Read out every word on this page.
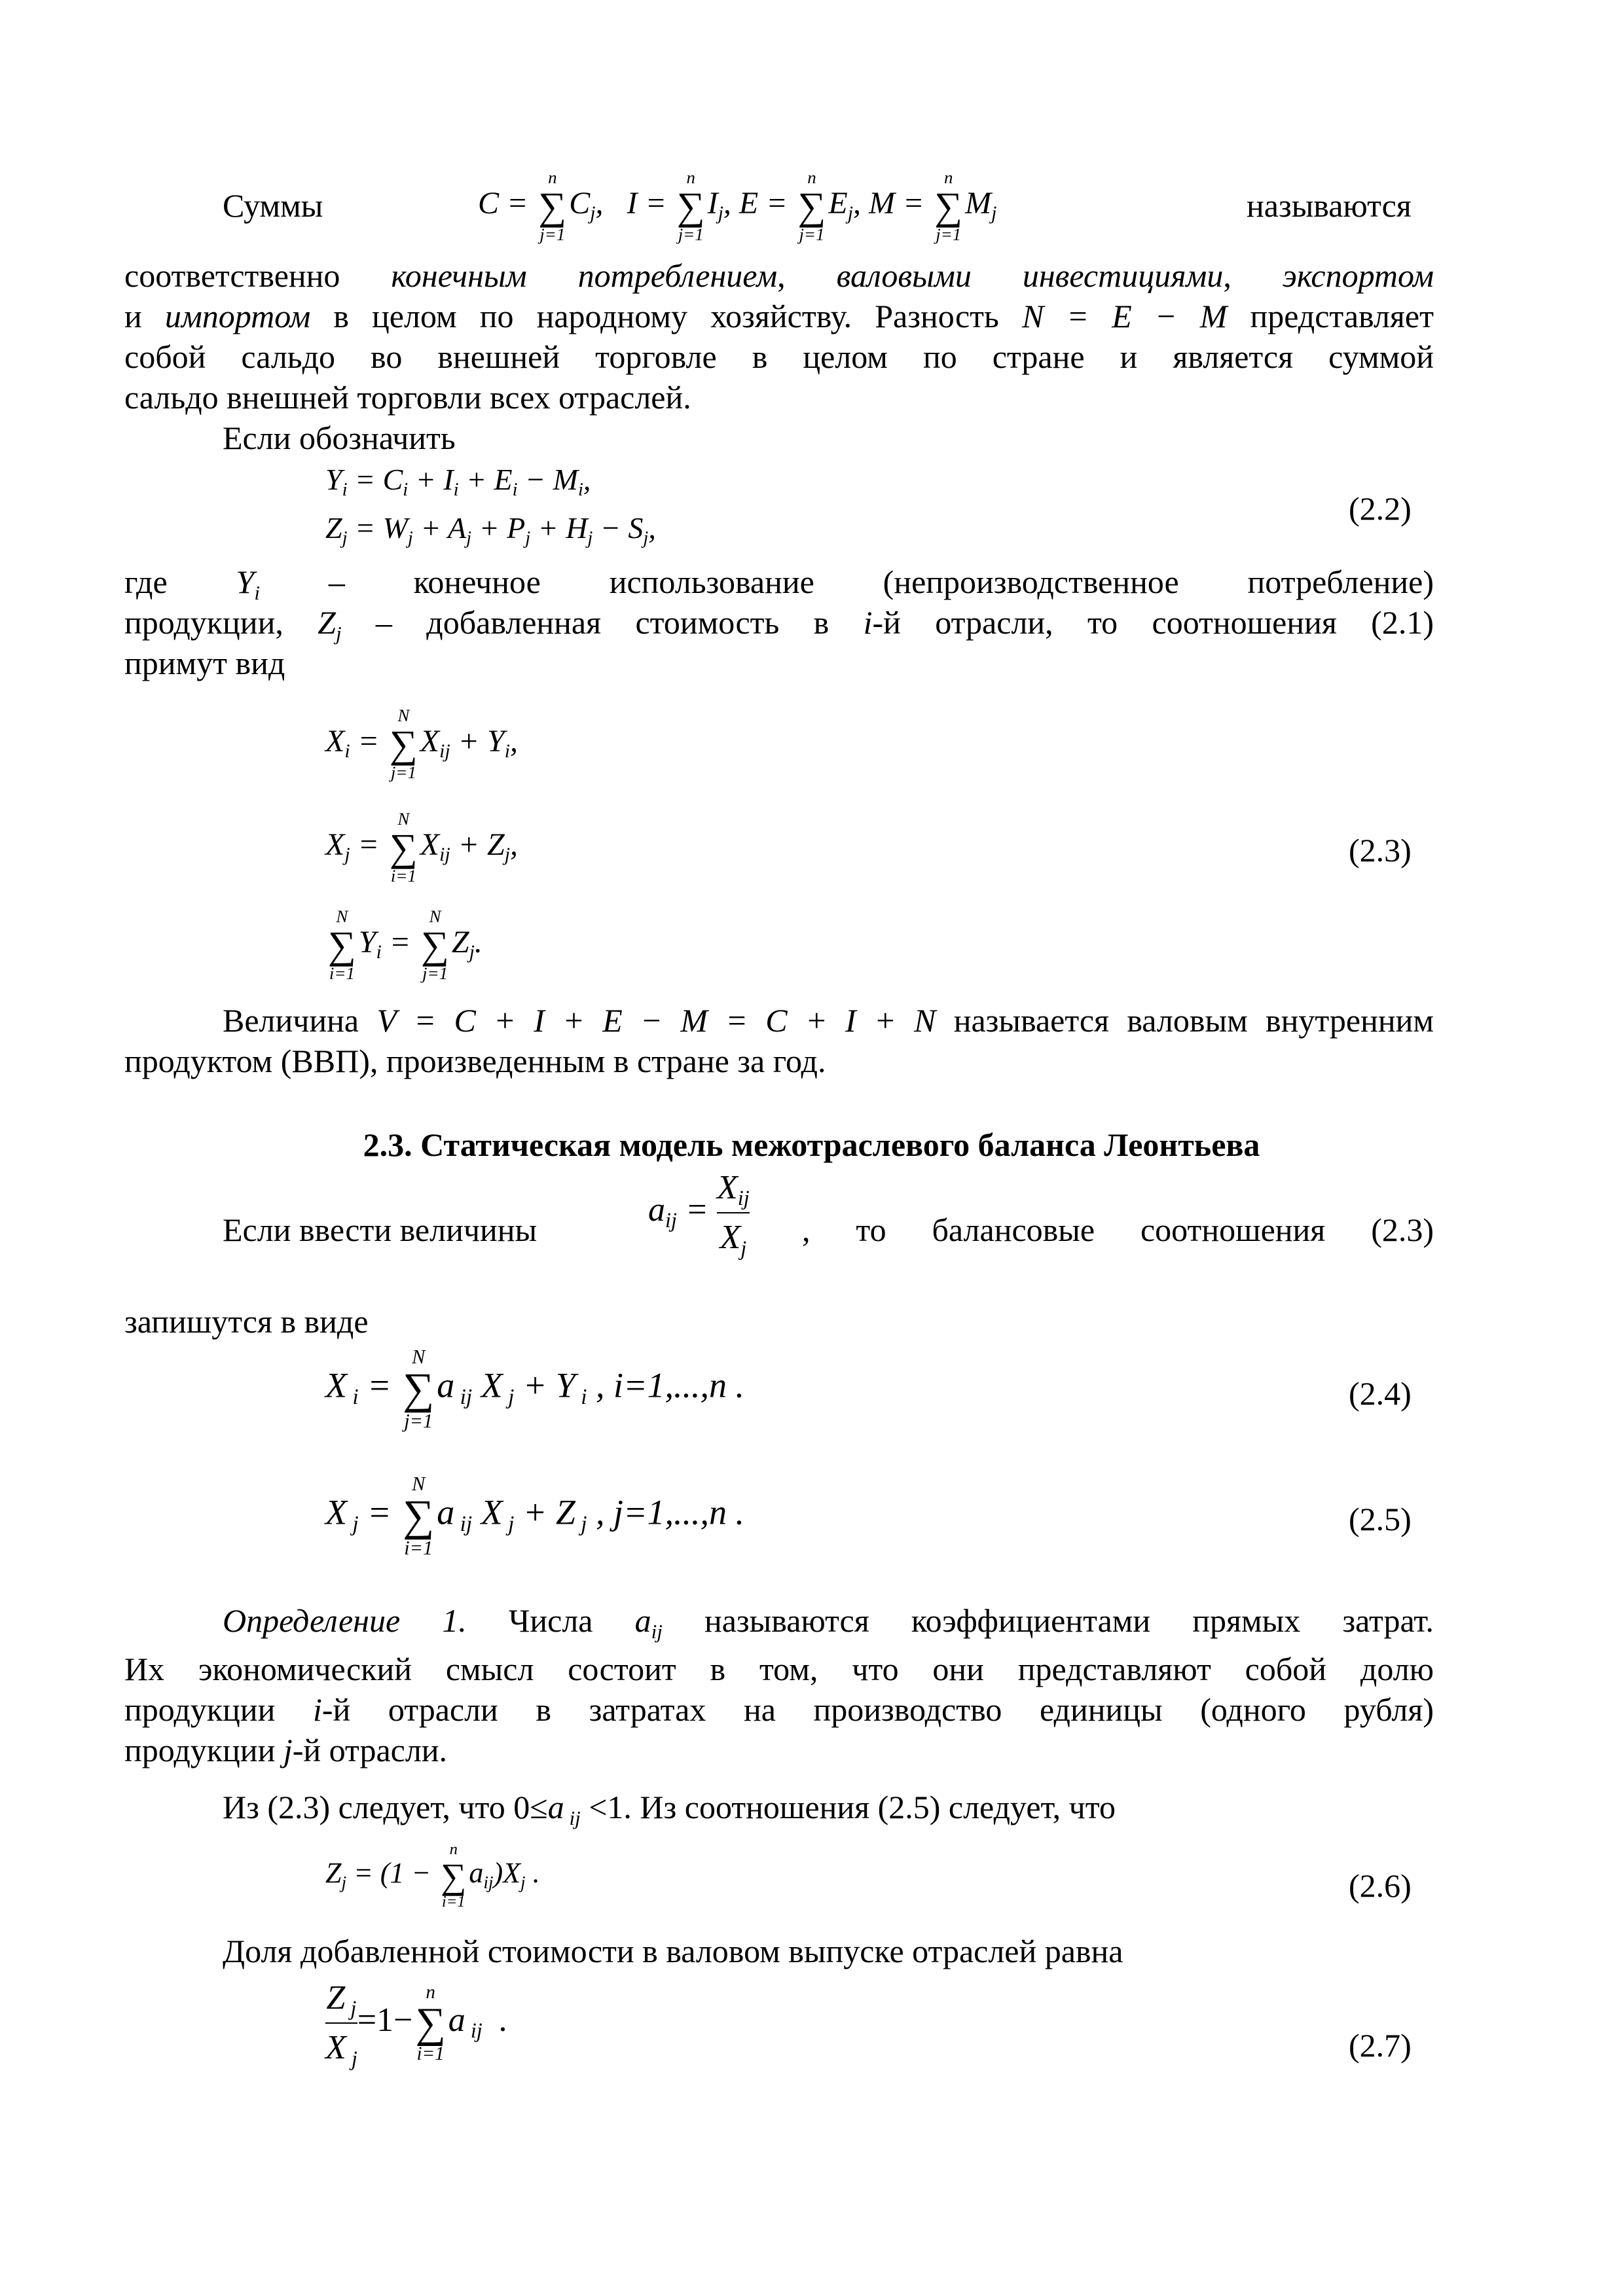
Суммы	C =
n
∑
j=1
Cj,   I =
n
∑
j=1
Ij, E =
n
∑
j=1
Ej, M =
n
∑
j=1
Mj	называются
соответственно конечным потреблением, валовыми инвестициями, экспортом
и импортом в целом по народному хозяйству. Разность N = E − M представляет
собой сальдо во внешней торговле в целом по стране и является суммой
сальдо внешней торговли всех отраслей.
Если обозначить
Yi = Ci + Ii + Ei − Mi,
Zj = Wj + Aj + Pj + Hj − Sj,
(2.2)
где Yi – конечное использование (непроизводственное потребление)
продукции, Zj – добавленная стоимость в i-й отрасли, то соотношения (2.1)
примут вид
Xi =
N
∑
j=1
Xij + Yi,
Xj =
N
∑
i=1
Xij + Zj,	(2.3)
N
∑
i=1
Yi =
N
∑
j=1
Zj.
Величина V = C + I + E − M = C + I + N называется валовым внутренним
продуктом (ВВП), произведенным в стране за год.
2.3. Статическая модель межотраслевого баланса Леонтьева
Если ввести величины
aij = $\frac{\text{Xij}}{Xj}$ , то балансовые соотношения (2.3)
запишутся в виде
X i =
N
∑
j=1
a ij X j + Y i , i=1,...,n .	(2.4)
X j =
N
∑
i=1
a ij X j + Z j , j=1,...,n .	(2.5)
Определение 1. Числа aij называются коэффициентами прямых затрат.
Их экономический смысл состоит в том, что они представляют собой долю
продукции i-й отрасли в затратах на производство единицы (одного рубля)
продукции j-й отрасли.
Из (2.3) следует, что 0≤a ij <1. Из соотношения (2.5) следует, что
Zj = (1 −
n
∑
i=1
aij)Xj .	(2.6)
Доля добавленной стоимости в валовом выпуске отраслей равна
$\frac{\text{Z j}}{\text{X j}} =1-$
n
∑
i=1
a ij  .
(2.7)
